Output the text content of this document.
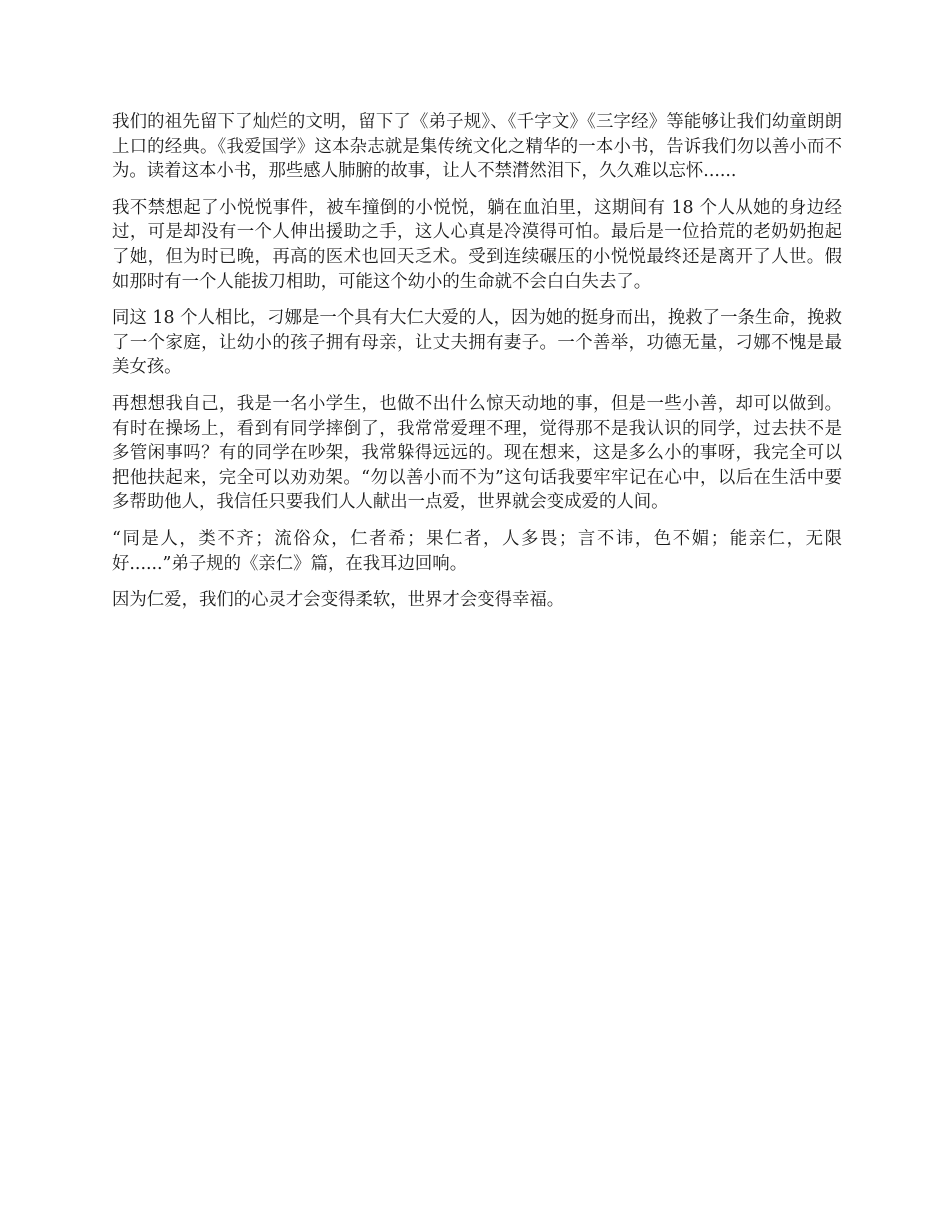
我们的祖先留下了灿烂的文明，留下了《弟子规》、《千字文》《三字经》等能够让我们幼童朗朗上口的经典。《我爱国学》这本杂志就是集传统文化之精华的一本小书，告诉我们勿以善小而不为。读着这本小书，那些感人肺腑的故事，让人不禁潸然泪下，久久难以忘怀......

我不禁想起了小悦悦事件，被车撞倒的小悦悦，躺在血泊里，这期间有 18 个人从她的身边经过，可是却没有一个人伸出援助之手，这人心真是冷漠得可怕。最后是一位拾荒的老奶奶抱起了她，但为时已晚，再高的医术也回天乏术。受到连续碾压的小悦悦最终还是离开了人世。假如那时有一个人能拔刀相助，可能这个幼小的生命就不会白白失去了。

同这 18 个人相比，刁娜是一个具有大仁大爱的人，因为她的挺身而出，挽救了一条生命，挽救了一个家庭，让幼小的孩子拥有母亲，让丈夫拥有妻子。一个善举，功德无量，刁娜不愧是最美女孩。

再想想我自己，我是一名小学生，也做不出什么惊天动地的事，但是一些小善，却可以做到。有时在操场上，看到有同学摔倒了，我常常爱理不理，觉得那不是我认识的同学，过去扶不是多管闲事吗？有的同学在吵架，我常躲得远远的。现在想来，这是多么小的事呀，我完全可以把他扶起来，完全可以劝劝架。“勿以善小而不为”这句话我要牢牢记在心中，以后在生活中要多帮助他人，我信任只要我们人人献出一点爱，世界就会变成爱的人间。

“同是人，类不齐；流俗众，仁者希；果仁者，人多畏；言不讳，色不媚；能亲仁，无限好......”弟子规的《亲仁》篇，在我耳边回响。

因为仁爱，我们的心灵才会变得柔软，世界才会变得幸福。
